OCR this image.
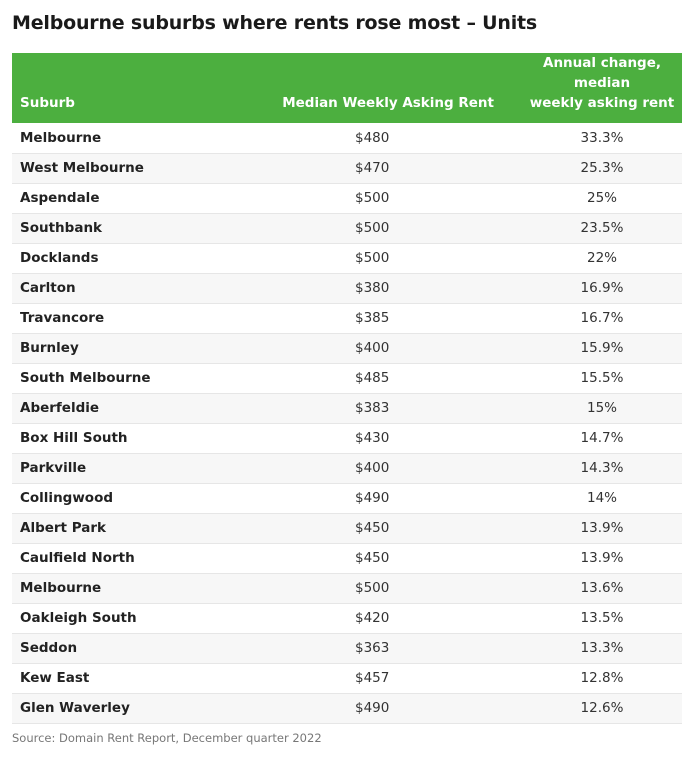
Melbourne suburbs where rents rose most – Units
Suburb	Median Weekly Asking Rent	Annual change, median
weekly asking rent
Melbourne	$480	33.3%
West Melbourne	$470	25.3%
Aspendale	$500	25%
Southbank	$500	23.5%
Docklands	$500	22%
Carlton	$380	16.9%
Travancore	$385	16.7%
Burnley	$400	15.9%
South Melbourne	$485	15.5%
Aberfeldie	$383	15%
Box Hill South	$430	14.7%
Parkville	$400	14.3%
Collingwood	$490	14%
Albert Park	$450	13.9%
Caulfield North	$450	13.9%
Melbourne	$500	13.6%
Oakleigh South	$420	13.5%
Seddon	$363	13.3%
Kew East	$457	12.8%
Glen Waverley	$490	12.6%
Source: Domain Rent Report, December quarter 2022
